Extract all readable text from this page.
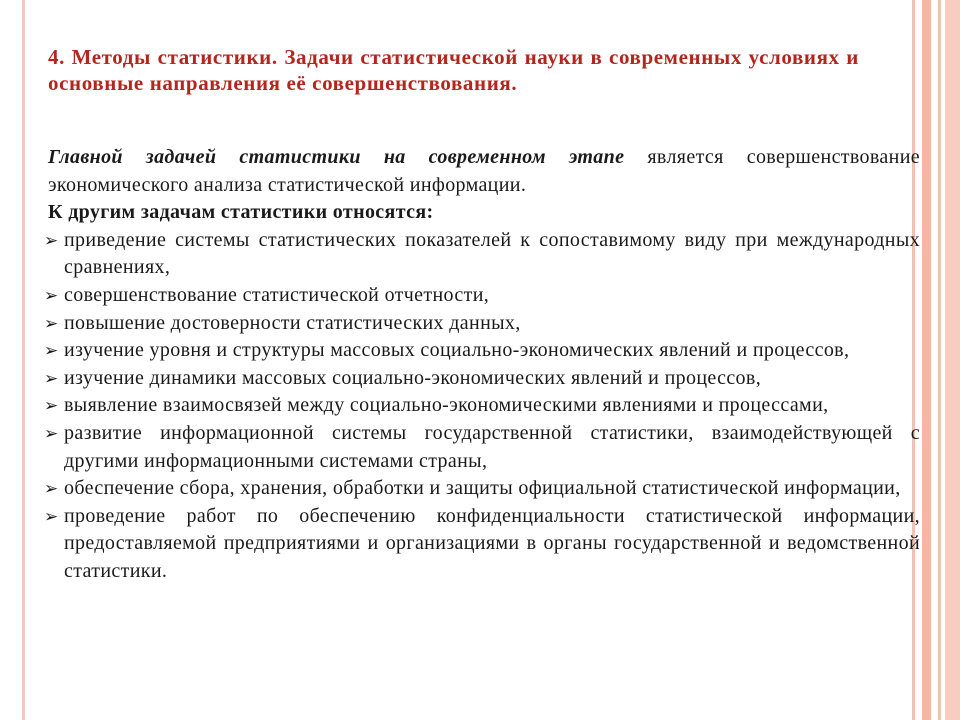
4. Методы статистики. Задачи статистической науки в современных условиях и основные направления её совершенствования.

Главной задачей статистики на современном этапе является совершенствование экономического анализа статистической информации.

К другим задачам статистики относятся:

➢ приведение системы статистических показателей к сопоставимому виду при международных сравнениях,
➢ совершенствование статистической отчетности,
➢ повышение достоверности статистических данных,
➢ изучение уровня и структуры массовых социально-экономических явлений и процессов,
➢ изучение динамики массовых социально-экономических явлений и процессов,
➢ выявление взаимосвязей между социально-экономическими явлениями и процессами,
➢ развитие информационной системы государственной статистики, взаимодействующей с другими информационными системами страны,
➢ обеспечение сбора, хранения, обработки и защиты официальной статистической информации,
➢ проведение работ по обеспечению конфиденциальности статистической информации, предоставляемой предприятиями и организациями в органы государственной и ведомственной статистики.
